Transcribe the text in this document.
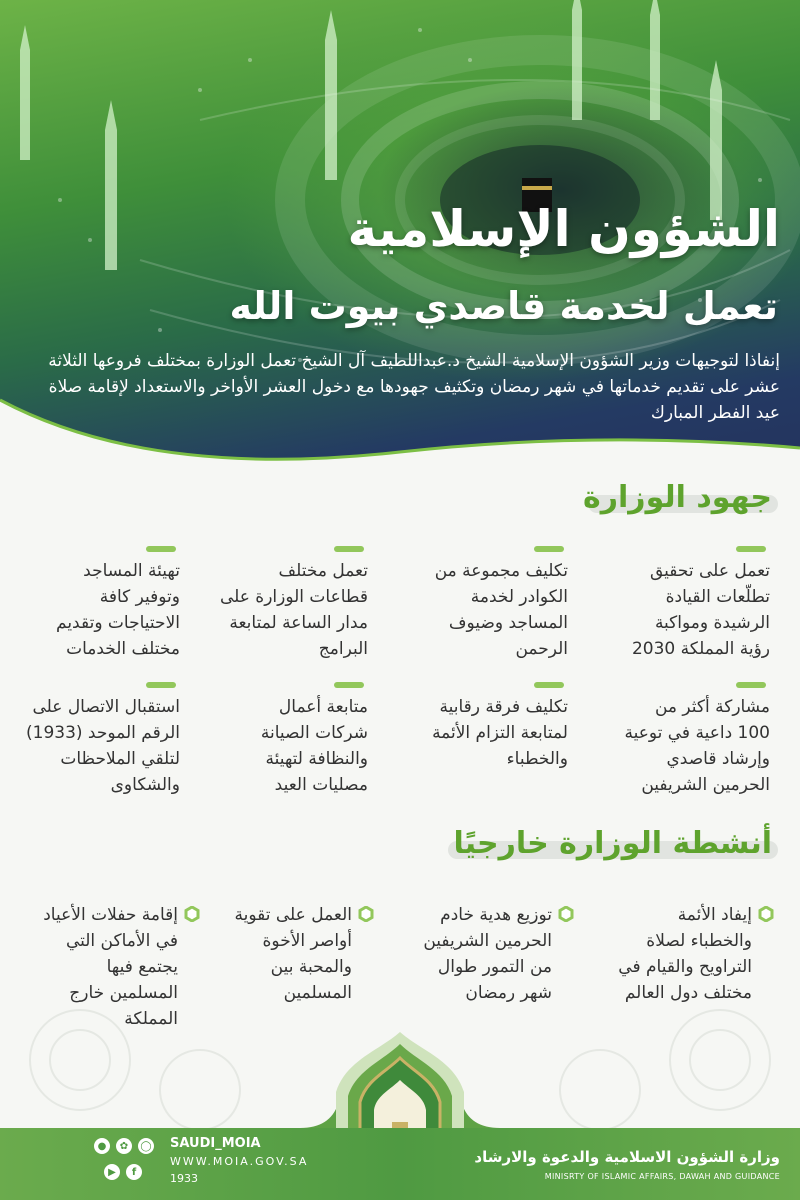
الشؤون الإسلامية
تعمل لخدمة قاصدي بيوت الله
إنفاذا لتوجيهات وزير الشؤون الإسلامية الشيخ د.عبداللطيف آل الشيخ تعمل الوزارة بمختلف فروعها الثلاثة عشر على تقديم خدماتها في شهر رمضان وتكثيف جهودها مع دخول العشر الأواخر والاستعداد لإقامة صلاة عيد الفطر المبارك
جهود الوزارة
تعمل على تحقيق
تطلّعات القيادة
الرشيدة ومواكبة
رؤية المملكة 2030
تكليف مجموعة من
الكوادر لخدمة
المساجد وضيوف
الرحمن
تعمل مختلف
قطاعات الوزارة على
مدار الساعة لمتابعة
البرامج
تهيئة المساجد
وتوفير كافة
الاحتياجات وتقديم
مختلف الخدمات
مشاركة أكثر من
100 داعية في توعية
وإرشاد قاصدي
الحرمين الشريفين
تكليف فرقة رقابية
لمتابعة التزام الأئمة
والخطباء
متابعة أعمال
شركات الصيانة
والنظافة لتهيئة
مصليات العيد
استقبال الاتصال على
الرقم الموحد (1933)
لتلقي الملاحظات
والشكاوى
أنشطة الوزارة خارجيًا
إيفاد الأئمة
والخطباء لصلاة
التراويح والقيام في
مختلف دول العالم
توزيع هدية خادم
الحرمين الشريفين
من التمور طوال
شهر رمضان
العمل على تقوية
أواصر الأخوة
والمحبة بين
المسلمين
إقامة حفلات الأعياد
في الأماكن التي
يجتمع فيها
المسلمين خارج
المملكة
●	✿	◯
▶	f
SAUDI_MOIA
WWW.MOIA.GOV.SA
1933
وزارة الشؤون الاسلامية والدعوة والارشاد
MINISRTY OF ISLAMIC AFFAIRS, DAWAH AND GUIDANCE
